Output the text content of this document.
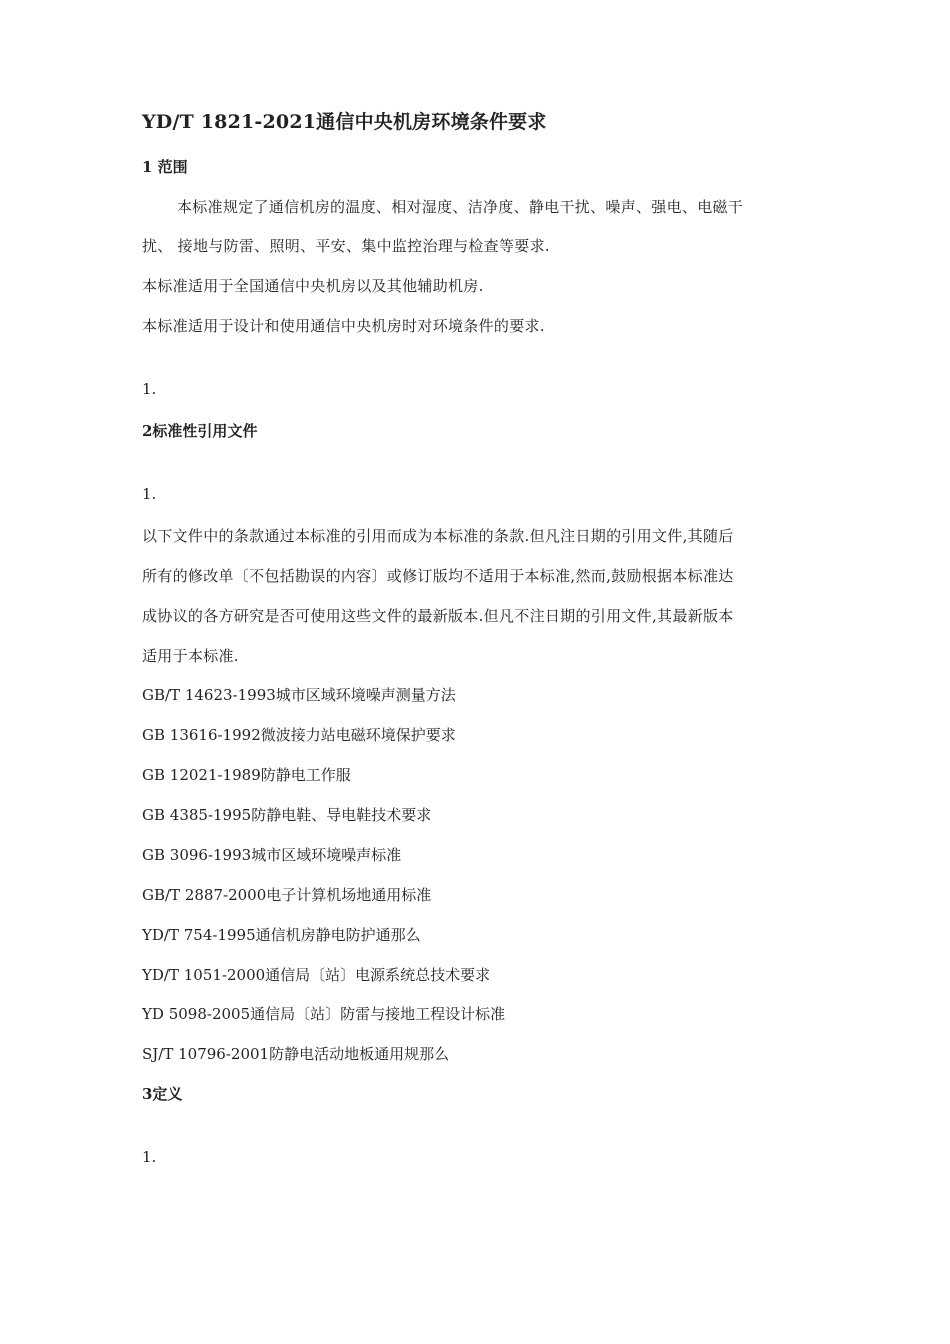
YD/T 1821-2021通信中央机房环境条件要求
1 范围
本标准规定了通信机房的温度、相对湿度、洁净度、静电干扰、噪声、强电、电磁干
扰、 接地与防雷、照明、平安、集中监控治理与检查等要求.
本标准适用于全国通信中央机房以及其他辅助机房.
本标准适用于设计和使用通信中央机房时对环境条件的要求.
1.
2标准性引用文件
1.
以下文件中的条款通过本标准的引用而成为本标准的条款.但凡注日期的引用文件,其随后
所有的修改单〔不包括勘误的内容〕或修订版均不适用于本标准,然而,鼓励根据本标准达
成协议的各方研究是否可使用这些文件的最新版本.但凡不注日期的引用文件,其最新版本
适用于本标准.
GB/T 14623-1993城市区域环境噪声测量方法
GB 13616-1992微波接力站电磁环境保护要求
GB 12021-1989防静电工作服
GB 4385-1995防静电鞋、导电鞋技术要求
GB 3096-1993城市区域环境噪声标准
GB/T 2887-2000电子计算机场地通用标准
YD/T 754-1995通信机房静电防护通那么
YD/T 1051-2000通信局〔站〕电源系统总技术要求
YD 5098-2005通信局〔站〕防雷与接地工程设计标准
SJ/T 10796-2001防静电活动地板通用规那么
3定义
1.
